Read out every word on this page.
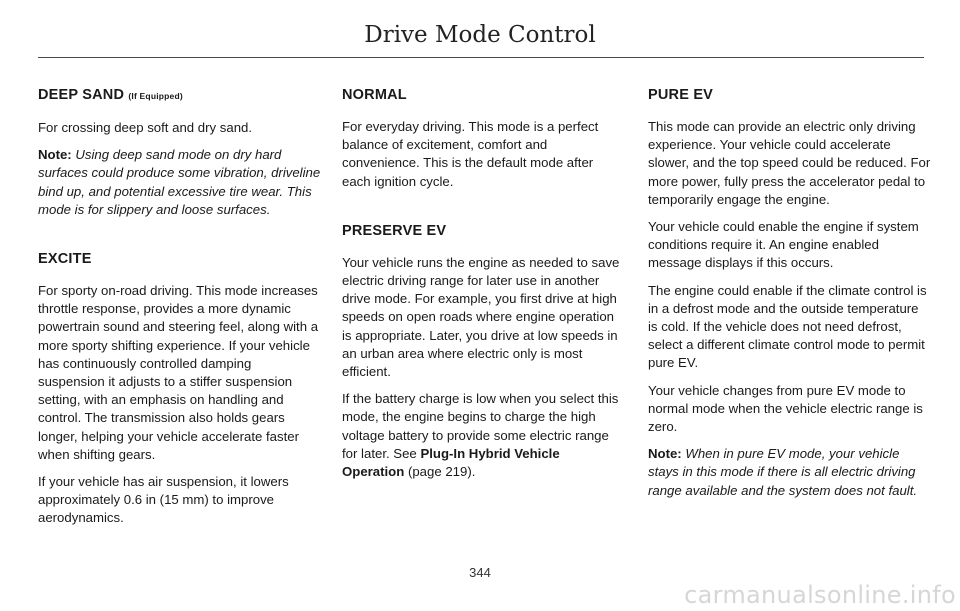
Drive Mode Control
DEEP SAND (If Equipped)

For crossing deep soft and dry sand.

Note: Using deep sand mode on dry hard surfaces could produce some vibration, driveline bind up, and potential excessive tire wear. This mode is for slippery and loose surfaces.

EXCITE

For sporty on-road driving. This mode increases throttle response, provides a more dynamic powertrain sound and steering feel, along with a more sporty shifting experience. If your vehicle has continuously controlled damping suspension it adjusts to a stiffer suspension setting, with an emphasis on handling and control. The transmission also holds gears longer, helping your vehicle accelerate faster when shifting gears.

If your vehicle has air suspension, it lowers approximately 0.6 in (15 mm) to improve aerodynamics.

NORMAL

For everyday driving. This mode is a perfect balance of excitement, comfort and convenience. This is the default mode after each ignition cycle.

PRESERVE EV

Your vehicle runs the engine as needed to save electric driving range for later use in another drive mode. For example, you first drive at high speeds on open roads where engine operation is appropriate. Later, you drive at low speeds in an urban area where electric only is most efficient.

If the battery charge is low when you select this mode, the engine begins to charge the high voltage battery to provide some electric range for later. See Plug-In Hybrid Vehicle Operation (page 219).

PURE EV

This mode can provide an electric only driving experience. Your vehicle could accelerate slower, and the top speed could be reduced. For more power, fully press the accelerator pedal to temporarily engage the engine.

Your vehicle could enable the engine if system conditions require it. An engine enabled message displays if this occurs.

The engine could enable if the climate control is in a defrost mode and the outside temperature is cold. If the vehicle does not need defrost, select a different climate control mode to permit pure EV.

Your vehicle changes from pure EV mode to normal mode when the vehicle electric range is zero.

Note: When in pure EV mode, your vehicle stays in this mode if there is all electric driving range available and the system does not fault.

344
carmanualsonline.info
